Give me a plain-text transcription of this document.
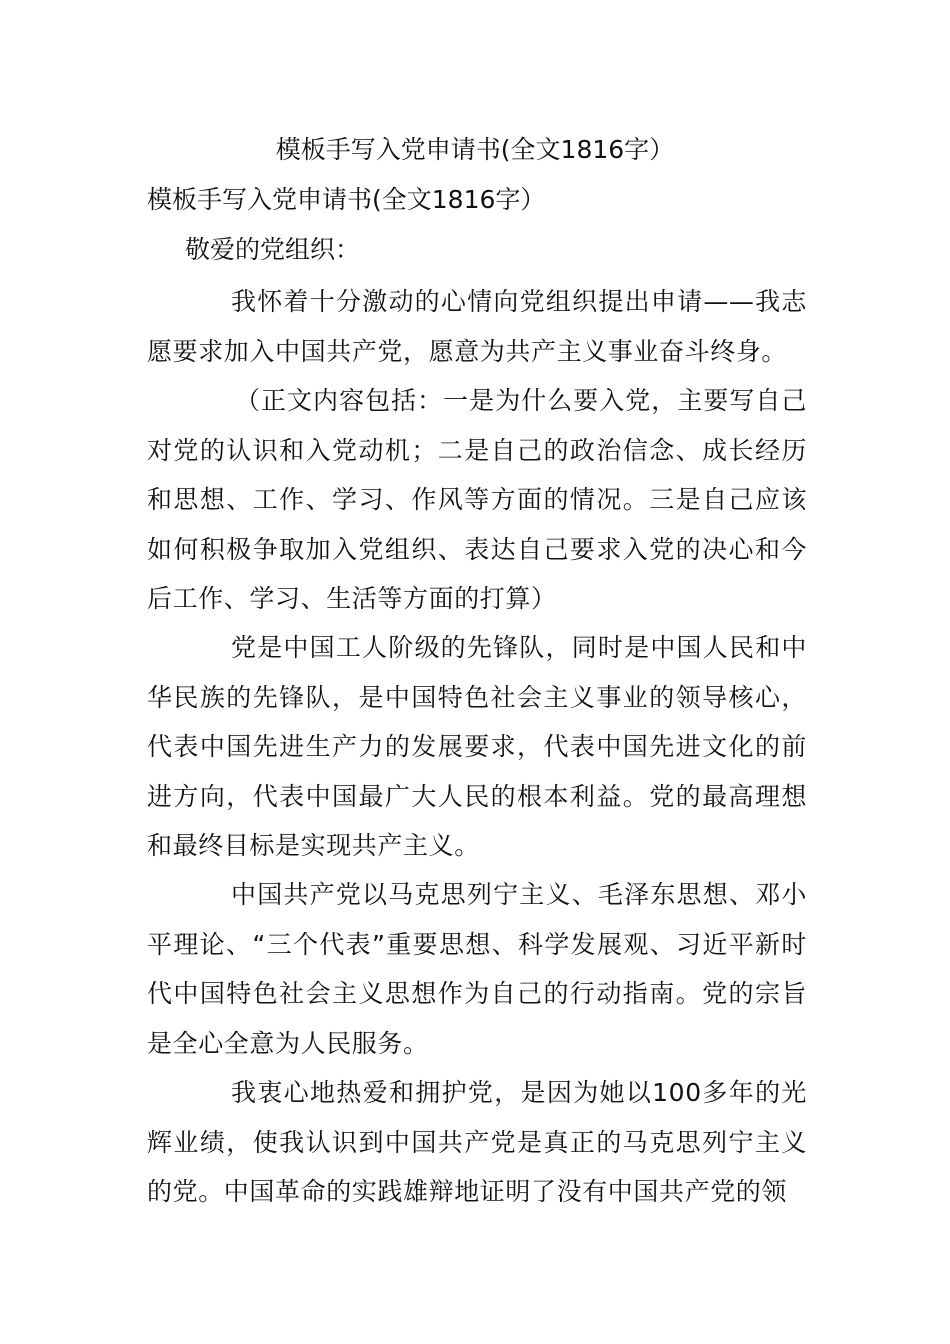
模板手写入党申请书(全文1816字）
模板手写入党申请书(全文1816字）
敬爱的党组织：

我怀着十分激动的心情向党组织提出申请——我志愿要求加入中国共产党，愿意为共产主义事业奋斗终身。

（正文内容包括：一是为什么要入党，主要写自己对党的认识和入党动机；二是自己的政治信念、成长经历和思想、工作、学习、作风等方面的情况。三是自己应该如何积极争取加入党组织、表达自己要求入党的决心和今后工作、学习、生活等方面的打算）

党是中国工人阶级的先锋队，同时是中国人民和中华民族的先锋队，是中国特色社会主义事业的领导核心，代表中国先进生产力的发展要求，代表中国先进文化的前进方向，代表中国最广大人民的根本利益。党的最高理想和最终目标是实现共产主义。

中国共产党以马克思列宁主义、毛泽东思想、邓小平理论、“三个代表”重要思想、科学发展观、习近平新时代中国特色社会主义思想作为自己的行动指南。党的宗旨是全心全意为人民服务。

我衷心地热爱和拥护党，是因为她以100多年的光辉业绩，使我认识到中国共产党是真正的马克思列宁主义的党。中国革命的实践雄辩地证明了没有中国共产党的领
